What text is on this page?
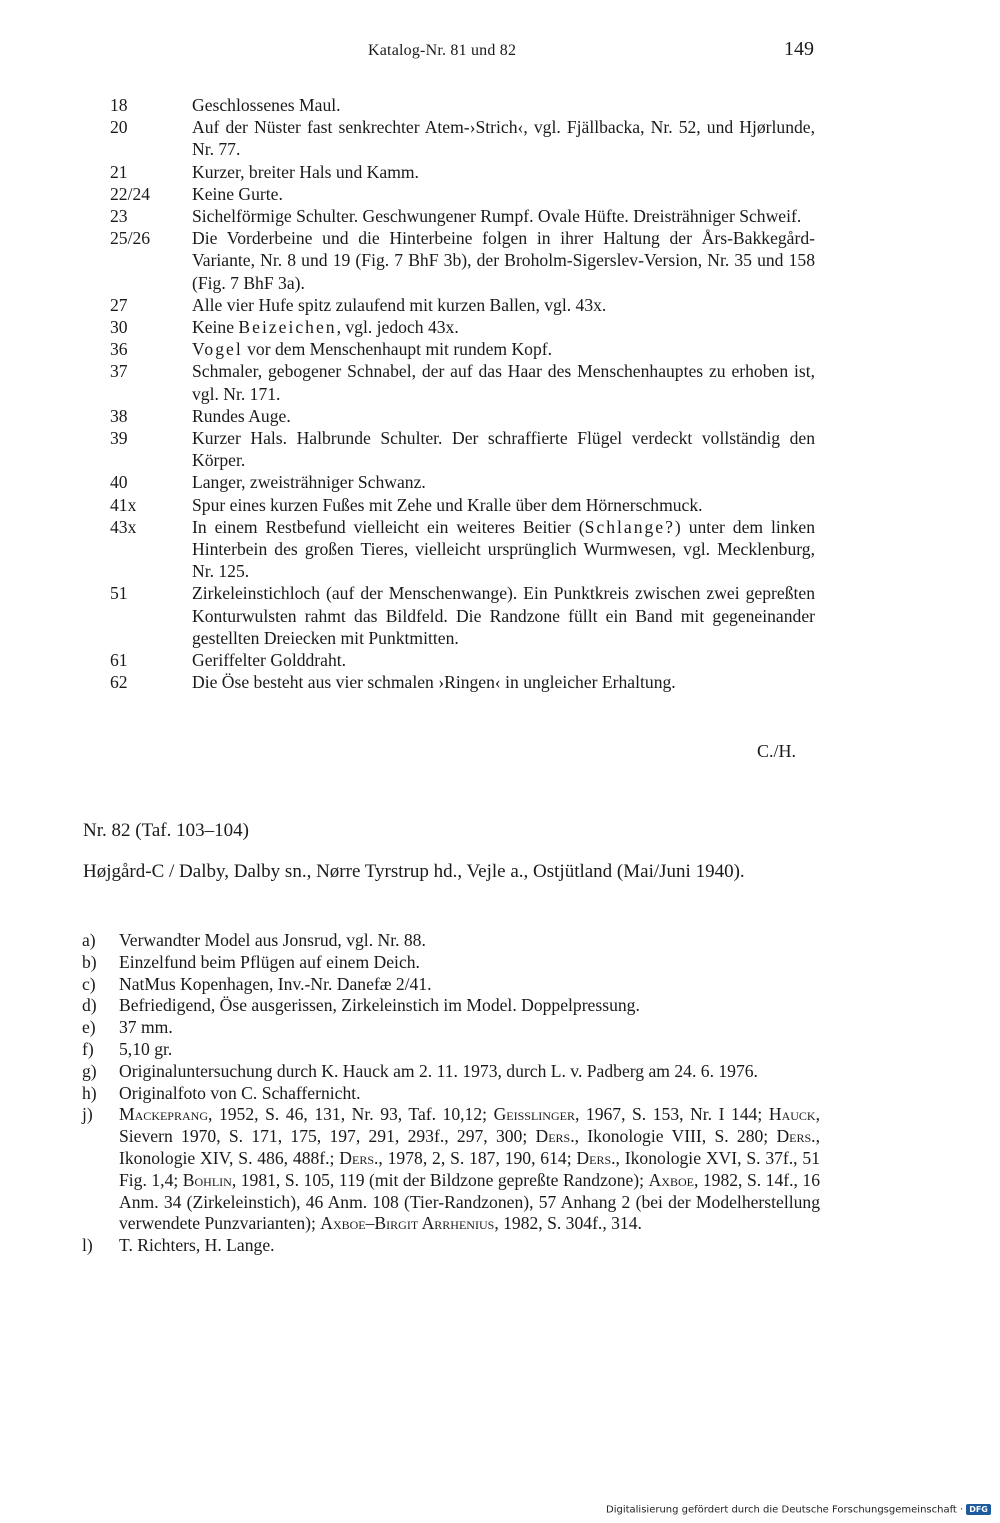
Katalog-Nr. 81 und 82	149
18	Geschlossenes Maul.
20	Auf der Nüster fast senkrechter Atem-›Strich‹, vgl. Fjällbacka, Nr. 52, und Hjørlunde, Nr. 77.
21	Kurzer, breiter Hals und Kamm.
22/24	Keine Gurte.
23	Sichelförmige Schulter. Geschwungener Rumpf. Ovale Hüfte. Dreisträhniger Schweif.
25/26	Die Vorderbeine und die Hinterbeine folgen in ihrer Haltung der Års-Bakkegård-Variante, Nr. 8 und 19 (Fig. 7 BhF 3b), der Broholm-Sigerslev-Version, Nr. 35 und 158 (Fig. 7 BhF 3a).
27	Alle vier Hufe spitz zulaufend mit kurzen Ballen, vgl. 43x.
30	Keine Beizeichen, vgl. jedoch 43x.
36	Vogel vor dem Menschenhaupt mit rundem Kopf.
37	Schmaler, gebogener Schnabel, der auf das Haar des Menschenhauptes zu erhoben ist, vgl. Nr. 171.
38	Rundes Auge.
39	Kurzer Hals. Halbrunde Schulter. Der schraffierte Flügel verdeckt vollständig den Körper.
40	Langer, zweisträhniger Schwanz.
41x	Spur eines kurzen Fußes mit Zehe und Kralle über dem Hörnerschmuck.
43x	In einem Restbefund vielleicht ein weiteres Beitier (Schlange?) unter dem linken Hinterbein des großen Tieres, vielleicht ursprünglich Wurmwesen, vgl. Mecklenburg, Nr. 125.
51	Zirkeleinstichloch (auf der Menschenwange). Ein Punktkreis zwischen zwei gepreßten Konturwulsten rahmt das Bildfeld. Die Randzone füllt ein Band mit gegeneinander gestellten Dreiecken mit Punktmitten.
61	Geriffelter Golddraht.
62	Die Öse besteht aus vier schmalen ›Ringen‹ in ungleicher Erhaltung.
C./H.
Nr. 82 (Taf. 103–104)
Højgård-C / Dalby, Dalby sn., Nørre Tyrstrup hd., Vejle a., Ostjütland (Mai/Juni 1940).
a)	Verwandter Model aus Jonsrud, vgl. Nr. 88.
b)	Einzelfund beim Pflügen auf einem Deich.
c)	NatMus Kopenhagen, Inv.-Nr. Danefæ 2/41.
d)	Befriedigend, Öse ausgerissen, Zirkeleinstich im Model. Doppelpressung.
e)	37 mm.
f)	5,10 gr.
g)	Originaluntersuchung durch K. Hauck am 2. 11. 1973, durch L. v. Padberg am 24. 6. 1976.
h)	Originalfoto von C. Schaffernicht.
j)	Mackeprang, 1952, S. 46, 131, Nr. 93, Taf. 10,12; Geisslinger, 1967, S. 153, Nr. I 144; Hauck, Sievern 1970, S. 171, 175, 197, 291, 293f., 297, 300; Ders., Ikonologie VIII, S. 280; Ders., Ikonologie XIV, S. 486, 488f.; Ders., 1978, 2, S. 187, 190, 614; Ders., Ikonologie XVI, S. 37f., 51 Fig. 1,4; Bohlin, 1981, S. 105, 119 (mit der Bildzone gepreßte Randzone); Axboe, 1982, S. 14f., 16 Anm. 34 (Zirkeleinstich), 46 Anm. 108 (Tier-Randzonen), 57 Anhang 2 (bei der Modelherstellung verwendete Punzvarianten); Axboe–Birgit Arrhenius, 1982, S. 304f., 314.
l)	T. Richters, H. Lange.
Digitalisierung gefördert durch die Deutsche Forschungsgemeinschaft · DFG
